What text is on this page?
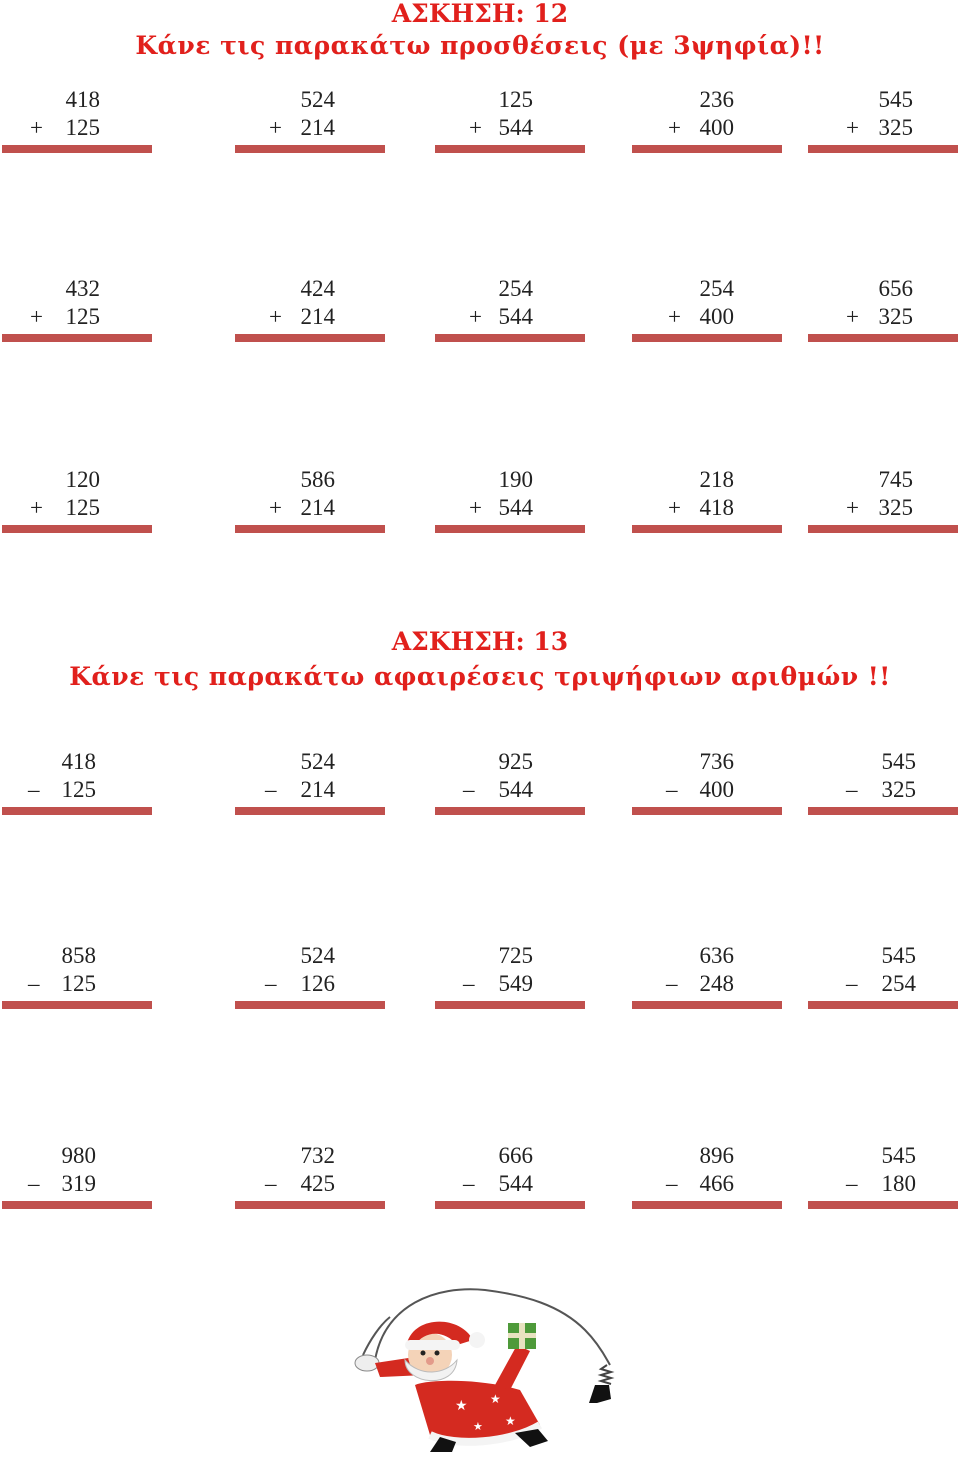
ΑΣΚΗΣΗ: 12
Κάνε τις παρακάτω προσθέσεις (με 3ψηφία)!!
418
+ 125
524
+ 214
125
+ 544
236
+ 400
545
+ 325
432
+ 125
424
+ 214
254
+ 544
254
+ 400
656
+ 325
120
+ 125
586
+ 214
190
+ 544
218
+ 418
745
+ 325
ΑΣΚΗΣΗ: 13
Κάνε τις παρακάτω αφαιρέσεις τριψήφιων αριθμών !!
418
– 125
524
– 214
925
– 544
736
– 400
545
– 325
858
– 125
524
– 126
725
– 549
636
– 248
545
– 254
980
– 319
732
– 425
666
– 544
896
– 466
545
– 180
★ ★
★
★
